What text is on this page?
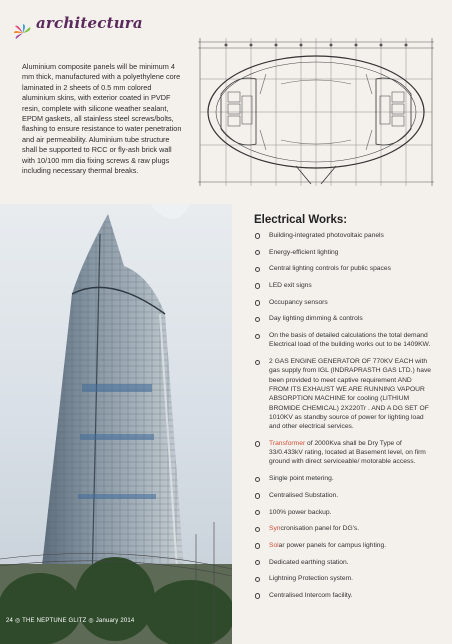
architectura

Aluminium composite panels will be minimum 4 mm thick, manufactured with a polyethylene core laminated in 2 sheets of 0.5 mm colored aluminium skins, with exterior coated in PVDF resin, complete with silicone weather sealant, EPDM gaskets, all stainless steel screws/bolts, flashing to ensure resistance to water penetration and air permeability. Aluminium tube structure shall be supported to RCC or fly-ash brick wall with 10/100 mm dia fixing screws & raw plugs including necessary thermal breaks.

Electrical Works:
Building-integrated photovoltaic panels
Energy-efficient lighting
Central lighting controls for public spaces
LED exit signs
Occupancy sensors
Day lighting dimming & controls
On the basis of detailed calculations the total demand Electrical load of the building works out to be 1409KW.
2 GAS ENGINE GENERATOR OF 770KV EACH with gas supply from IGL (INDRAPRASTH GAS LTD.) have been provided to meet captive requirement AND FROM ITS EXHAUST WE ARE RUNNING VAPOUR ABSORPTION MACHINE for cooling (LITHIUM BROMIDE CHEMICAL) 2X220Tr . AND A DG SET OF 1010KV as standby source of power for lighting load and other electrical services.
Transformer of 2000Kva shall be Dry Type of 33/0.433kV rating, located at Basement level, on firm ground with direct serviceable/ motorable access.
Single point metering.
Centralised Substation.
100% power backup.
Syncronisation panel for DG's.
Solar power panels for campus lighting.
Dedicated earthing station.
Lightning Protection system.
Centralised Intercom facility.
24 ◎ THE NEPTUNE GLITZ ◎ January 2014
